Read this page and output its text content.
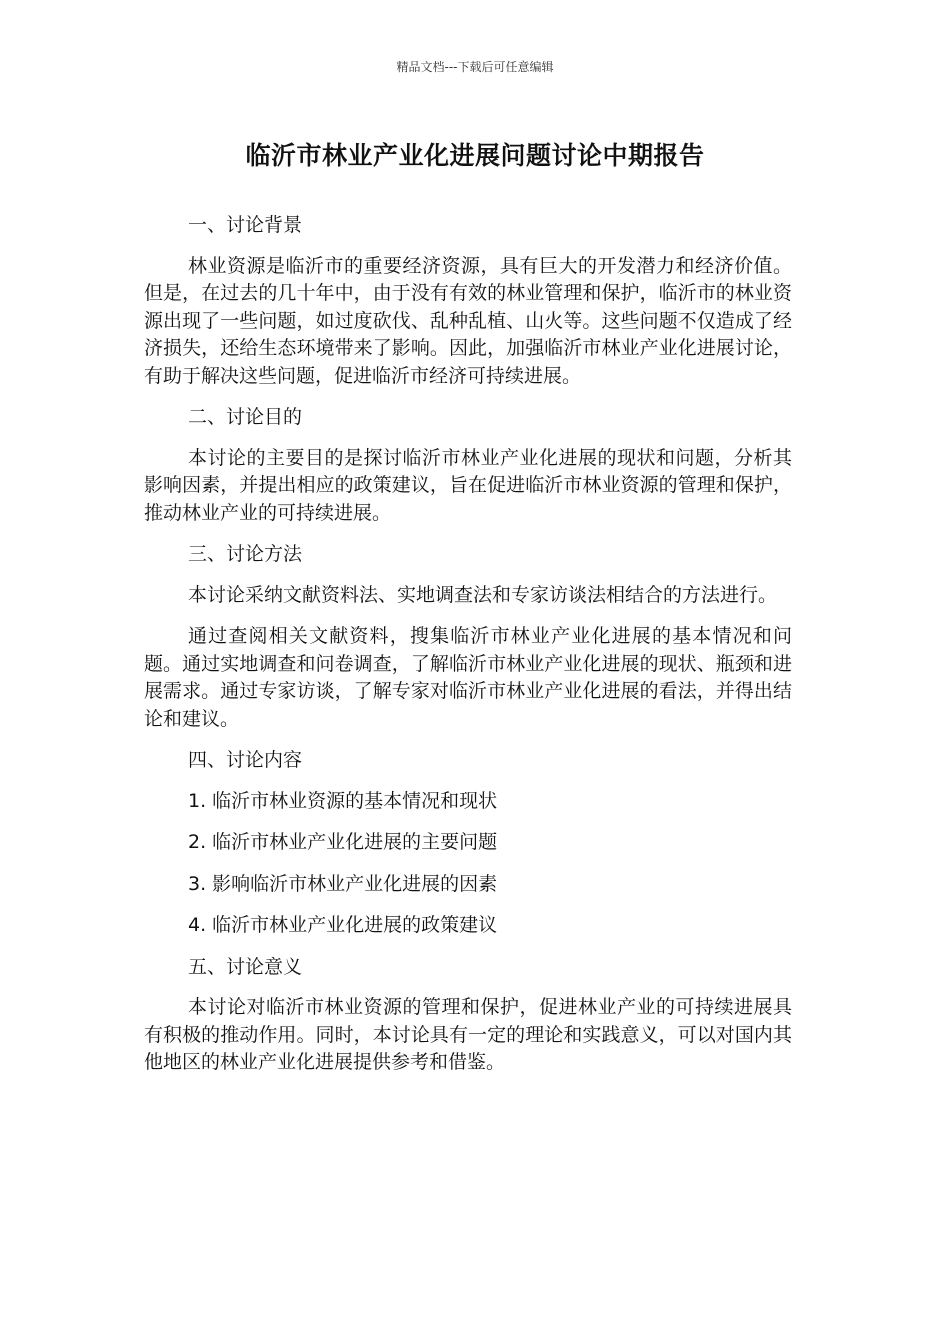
精品文档---下载后可任意编辑
临沂市林业产业化进展问题讨论中期报告

一、讨论背景

林业资源是临沂市的重要经济资源，具有巨大的开发潜力和经济价值。但是，在过去的几十年中，由于没有有效的林业管理和保护，临沂市的林业资源出现了一些问题，如过度砍伐、乱种乱植、山火等。这些问题不仅造成了经济损失，还给生态环境带来了影响。因此，加强临沂市林业产业化进展讨论，有助于解决这些问题，促进临沂市经济可持续进展。

二、讨论目的

本讨论的主要目的是探讨临沂市林业产业化进展的现状和问题，分析其影响因素，并提出相应的政策建议，旨在促进临沂市林业资源的管理和保护，推动林业产业的可持续进展。

三、讨论方法

本讨论采纳文献资料法、实地调查法和专家访谈法相结合的方法进行。

通过查阅相关文献资料，搜集临沂市林业产业化进展的基本情况和问题。通过实地调查和问卷调查，了解临沂市林业产业化进展的现状、瓶颈和进展需求。通过专家访谈，了解专家对临沂市林业产业化进展的看法，并得出结论和建议。

四、讨论内容

1. 临沂市林业资源的基本情况和现状

2. 临沂市林业产业化进展的主要问题

3. 影响临沂市林业产业化进展的因素

4. 临沂市林业产业化进展的政策建议

五、讨论意义

本讨论对临沂市林业资源的管理和保护，促进林业产业的可持续进展具有积极的推动作用。同时，本讨论具有一定的理论和实践意义，可以对国内其他地区的林业产业化进展提供参考和借鉴。
